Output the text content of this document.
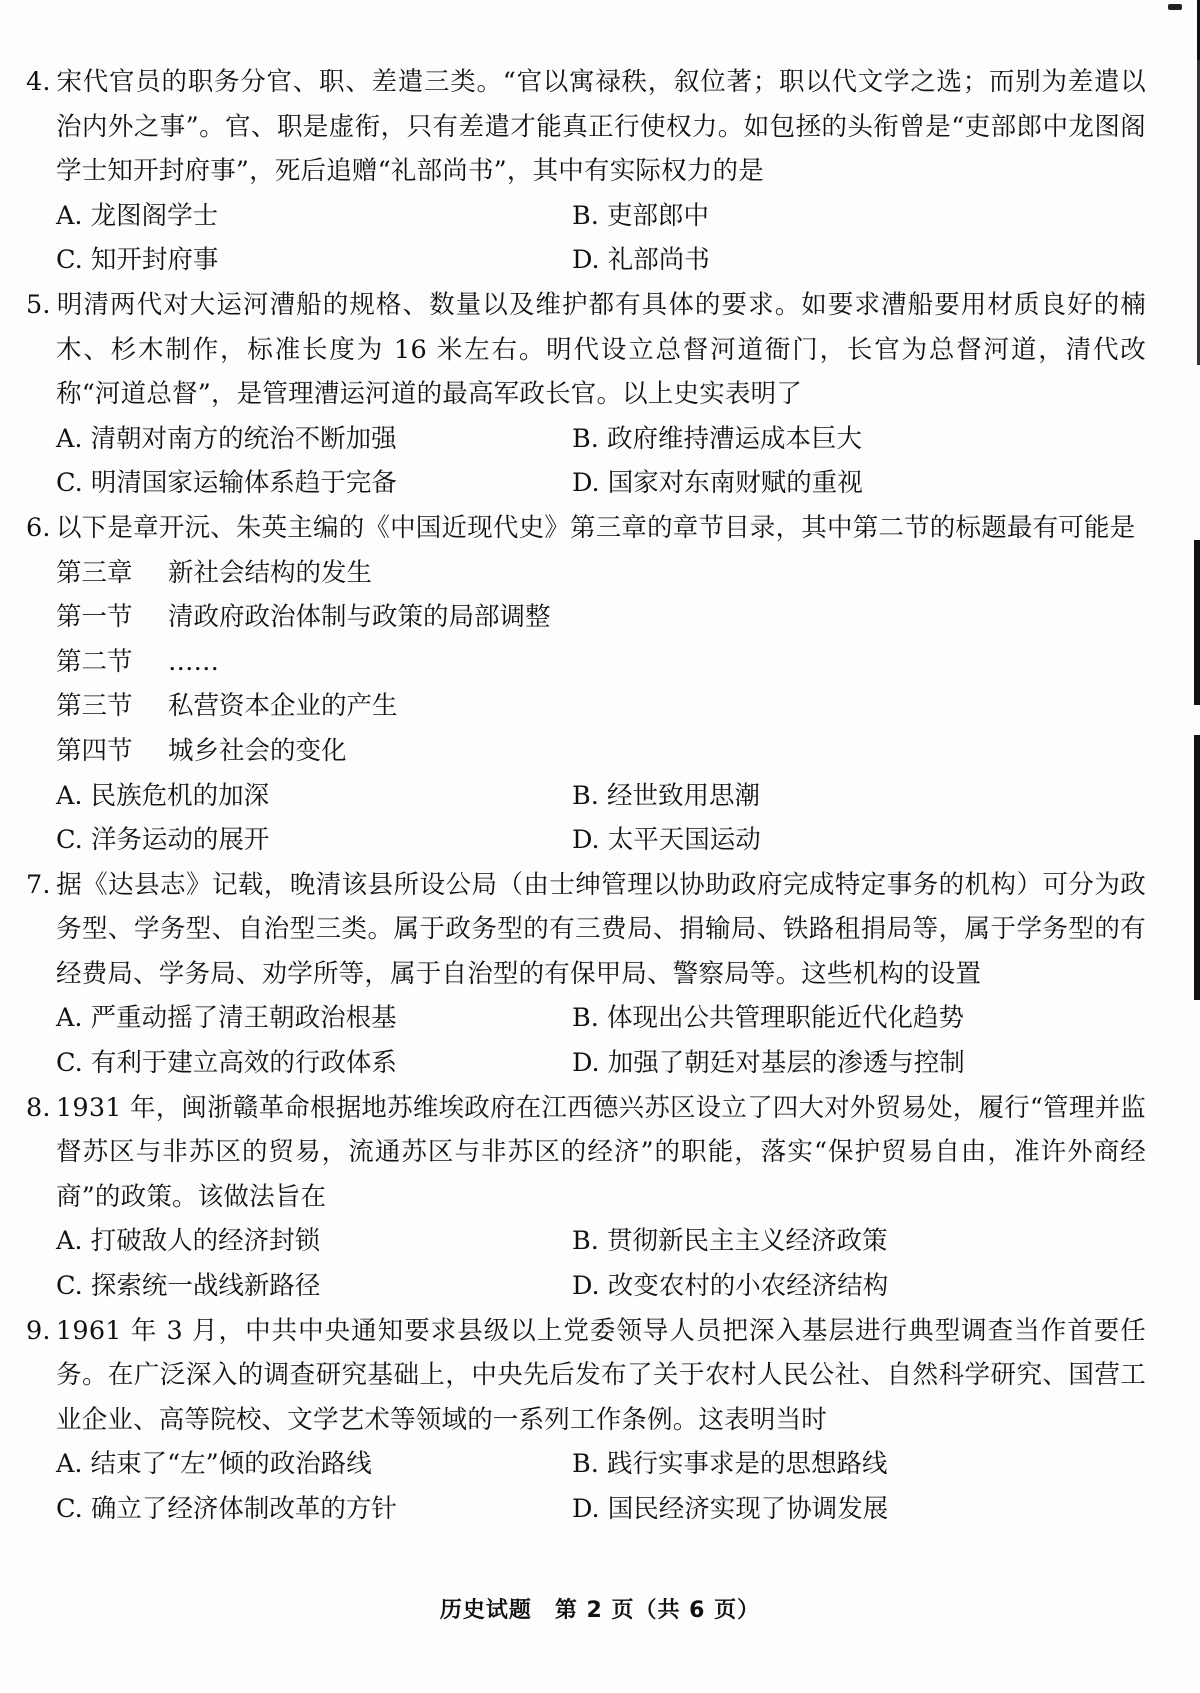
4. 宋代官员的职务分官、职、差遣三类。“官以寓禄秩，叙位著；职以代文学之选；而别为差遣以治内外之事”。官、职是虚衔，只有差遣才能真正行使权力。如包拯的头衔曾是“吏部郎中龙图阁学士知开封府事”，死后追赠“礼部尚书”，其中有实际权力的是
A. 龙图阁学士	B. 吏部郎中
C. 知开封府事	D. 礼部尚书
5. 明清两代对大运河漕船的规格、数量以及维护都有具体的要求。如要求漕船要用材质良好的楠木、杉木制作，标准长度为 16 米左右。明代设立总督河道衙门，长官为总督河道，清代改称“河道总督”，是管理漕运河道的最高军政长官。以上史实表明了
A. 清朝对南方的统治不断加强	B. 政府维持漕运成本巨大
C. 明清国家运输体系趋于完备	D. 国家对东南财赋的重视
6. 以下是章开沅、朱英主编的《中国近现代史》第三章的章节目录，其中第二节的标题最有可能是
第三章 新社会结构的发生
第一节 清政府政治体制与政策的局部调整
第二节 ……
第三节 私营资本企业的产生
第四节 城乡社会的变化
A. 民族危机的加深	B. 经世致用思潮
C. 洋务运动的展开	D. 太平天国运动
7. 据《达县志》记载，晚清该县所设公局（由士绅管理以协助政府完成特定事务的机构）可分为政务型、学务型、自治型三类。属于政务型的有三费局、捐输局、铁路租捐局等，属于学务型的有经费局、学务局、劝学所等，属于自治型的有保甲局、警察局等。这些机构的设置
A. 严重动摇了清王朝政治根基	B. 体现出公共管理职能近代化趋势
C. 有利于建立高效的行政体系	D. 加强了朝廷对基层的渗透与控制
8. 1931 年，闽浙赣革命根据地苏维埃政府在江西德兴苏区设立了四大对外贸易处，履行“管理并监督苏区与非苏区的贸易，流通苏区与非苏区的经济”的职能，落实“保护贸易自由，准许外商经商”的政策。该做法旨在
A. 打破敌人的经济封锁	B. 贯彻新民主主义经济政策
C. 探索统一战线新路径	D. 改变农村的小农经济结构
9. 1961 年 3 月，中共中央通知要求县级以上党委领导人员把深入基层进行典型调查当作首要任务。在广泛深入的调查研究基础上，中央先后发布了关于农村人民公社、自然科学研究、国营工业企业、高等院校、文学艺术等领域的一系列工作条例。这表明当时
A. 结束了“左”倾的政治路线	B. 践行实事求是的思想路线
C. 确立了经济体制改革的方针	D. 国民经济实现了协调发展
历史试题　第 2 页（共 6 页）
